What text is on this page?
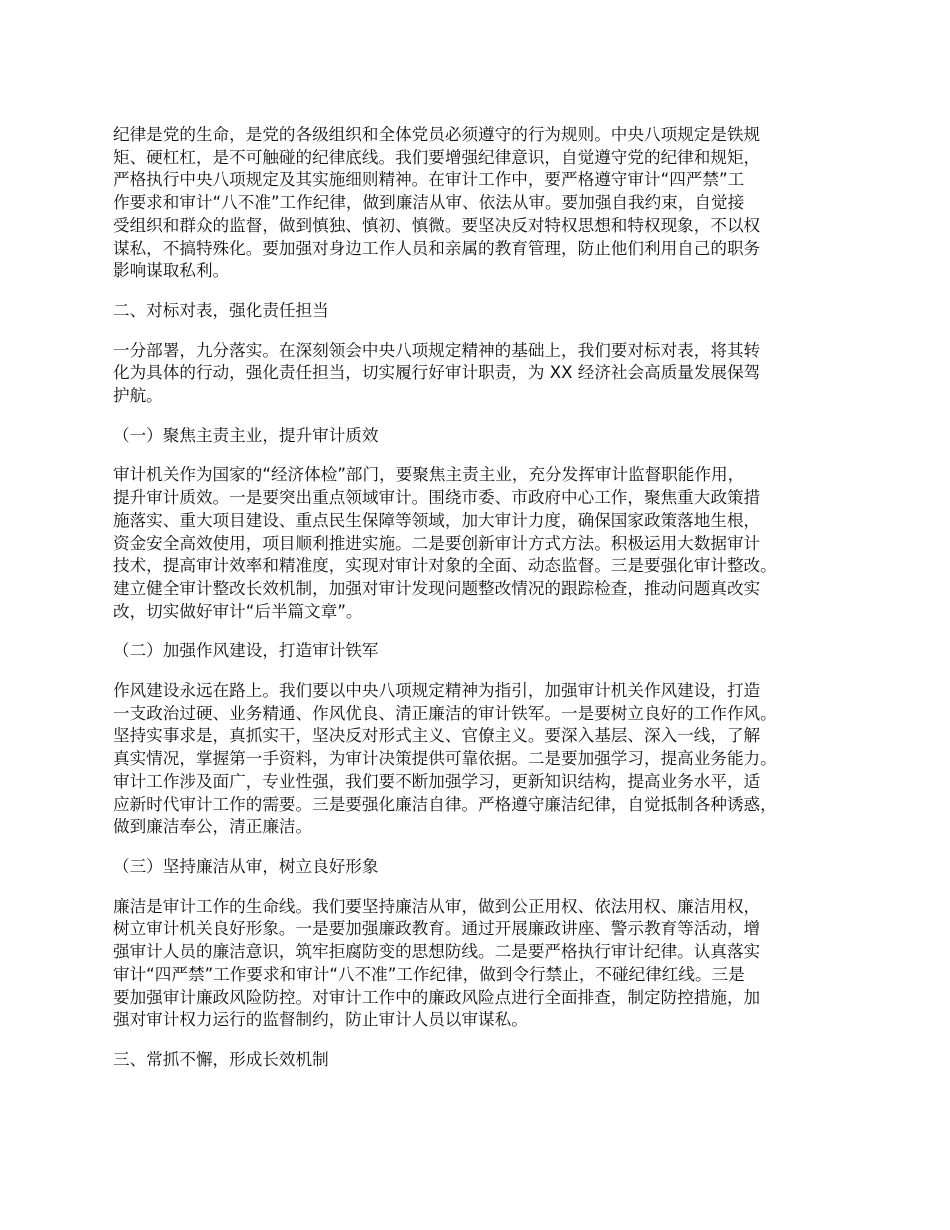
纪律是党的生命，是党的各级组织和全体党员必须遵守的行为规则。中央八项规定是铁规
矩、硬杠杠，是不可触碰的纪律底线。我们要增强纪律意识，自觉遵守党的纪律和规矩，
严格执行中央八项规定及其实施细则精神。在审计工作中，要严格遵守审计“四严禁”工
作要求和审计“八不准”工作纪律，做到廉洁从审、依法从审。要加强自我约束，自觉接
受组织和群众的监督，做到慎独、慎初、慎微。要坚决反对特权思想和特权现象，不以权
谋私，不搞特殊化。要加强对身边工作人员和亲属的教育管理，防止他们利用自己的职务
影响谋取私利。

二、对标对表，强化责任担当

一分部署，九分落实。在深刻领会中央八项规定精神的基础上，我们要对标对表，将其转
化为具体的行动，强化责任担当，切实履行好审计职责，为 XX 经济社会高质量发展保驾
护航。

（一）聚焦主责主业，提升审计质效

审计机关作为国家的“经济体检”部门，要聚焦主责主业，充分发挥审计监督职能作用，
提升审计质效。一是要突出重点领域审计。围绕市委、市政府中心工作，聚焦重大政策措
施落实、重大项目建设、重点民生保障等领域，加大审计力度，确保国家政策落地生根，
资金安全高效使用，项目顺利推进实施。二是要创新审计方式方法。积极运用大数据审计
技术，提高审计效率和精准度，实现对审计对象的全面、动态监督。三是要强化审计整改。
建立健全审计整改长效机制，加强对审计发现问题整改情况的跟踪检查，推动问题真改实
改，切实做好审计“后半篇文章”。

（二）加强作风建设，打造审计铁军

作风建设永远在路上。我们要以中央八项规定精神为指引，加强审计机关作风建设，打造
一支政治过硬、业务精通、作风优良、清正廉洁的审计铁军。一是要树立良好的工作作风。
坚持实事求是，真抓实干，坚决反对形式主义、官僚主义。要深入基层、深入一线，了解
真实情况，掌握第一手资料，为审计决策提供可靠依据。二是要加强学习，提高业务能力。
审计工作涉及面广，专业性强，我们要不断加强学习，更新知识结构，提高业务水平，适
应新时代审计工作的需要。三是要强化廉洁自律。严格遵守廉洁纪律，自觉抵制各种诱惑，
做到廉洁奉公，清正廉洁。

（三）坚持廉洁从审，树立良好形象

廉洁是审计工作的生命线。我们要坚持廉洁从审，做到公正用权、依法用权、廉洁用权，
树立审计机关良好形象。一是要加强廉政教育。通过开展廉政讲座、警示教育等活动，增
强审计人员的廉洁意识，筑牢拒腐防变的思想防线。二是要严格执行审计纪律。认真落实
审计“四严禁”工作要求和审计“八不准”工作纪律，做到令行禁止，不碰纪律红线。三是
要加强审计廉政风险防控。对审计工作中的廉政风险点进行全面排查，制定防控措施，加
强对审计权力运行的监督制约，防止审计人员以审谋私。

三、常抓不懈，形成长效机制
